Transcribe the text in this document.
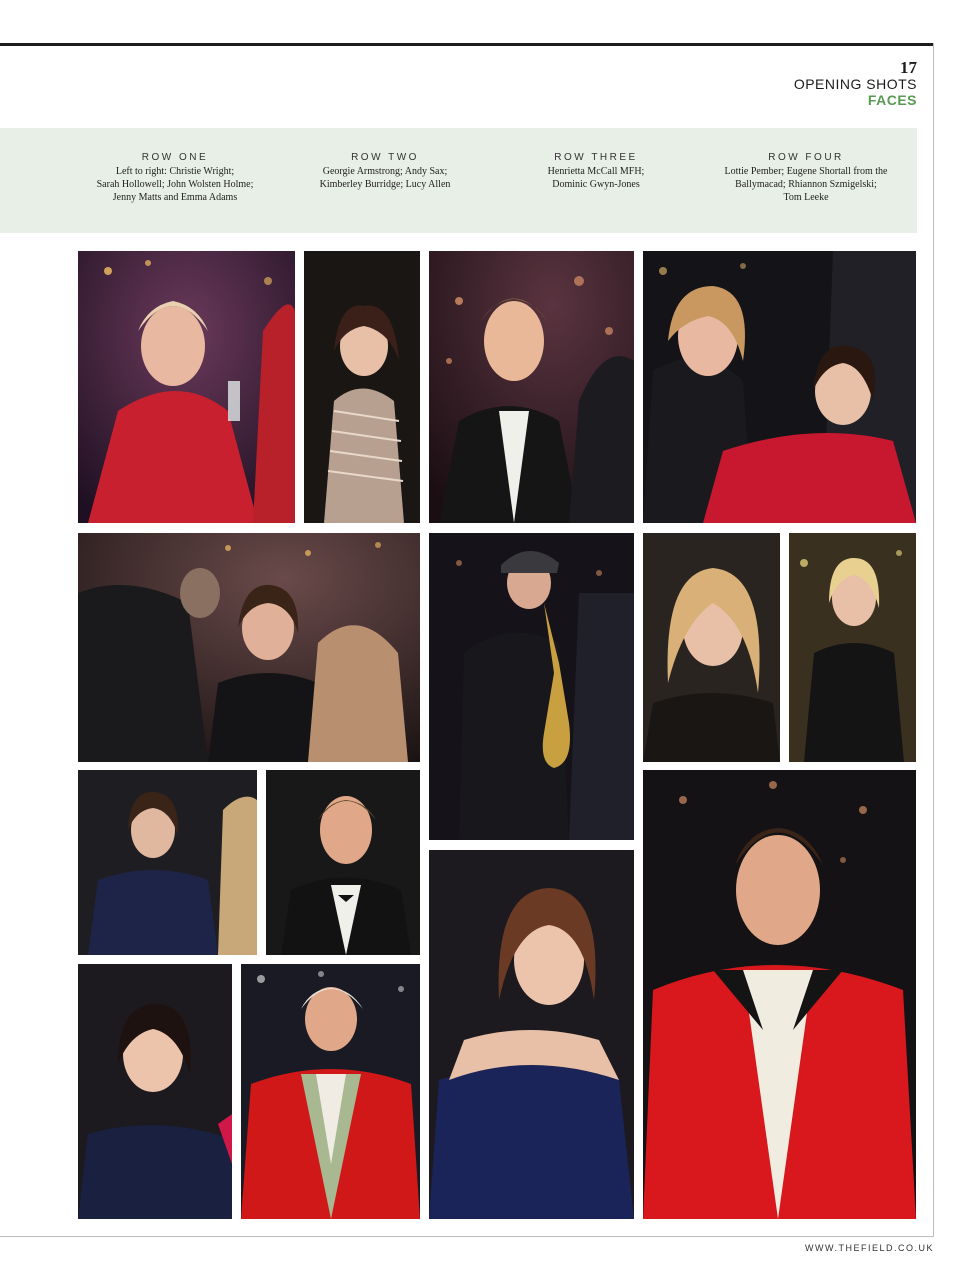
17
OPENING SHOTS
FACES
ROW ONE
Left to right: Christie Wright;
Sarah Hollowell; John Wolsten Holme;
Jenny Matts and Emma Adams
ROW TWO
Georgie Armstrong; Andy Sax;
Kimberley Burridge; Lucy Allen
ROW THREE
Henrietta McCall MFH;
Dominic Gwyn-Jones
ROW FOUR
Lottie Pember; Eugene Shortall from the
Ballymacad; Rhiannon Szmigelski;
Tom Leeke
WWW.THEFIELD.CO.UK
